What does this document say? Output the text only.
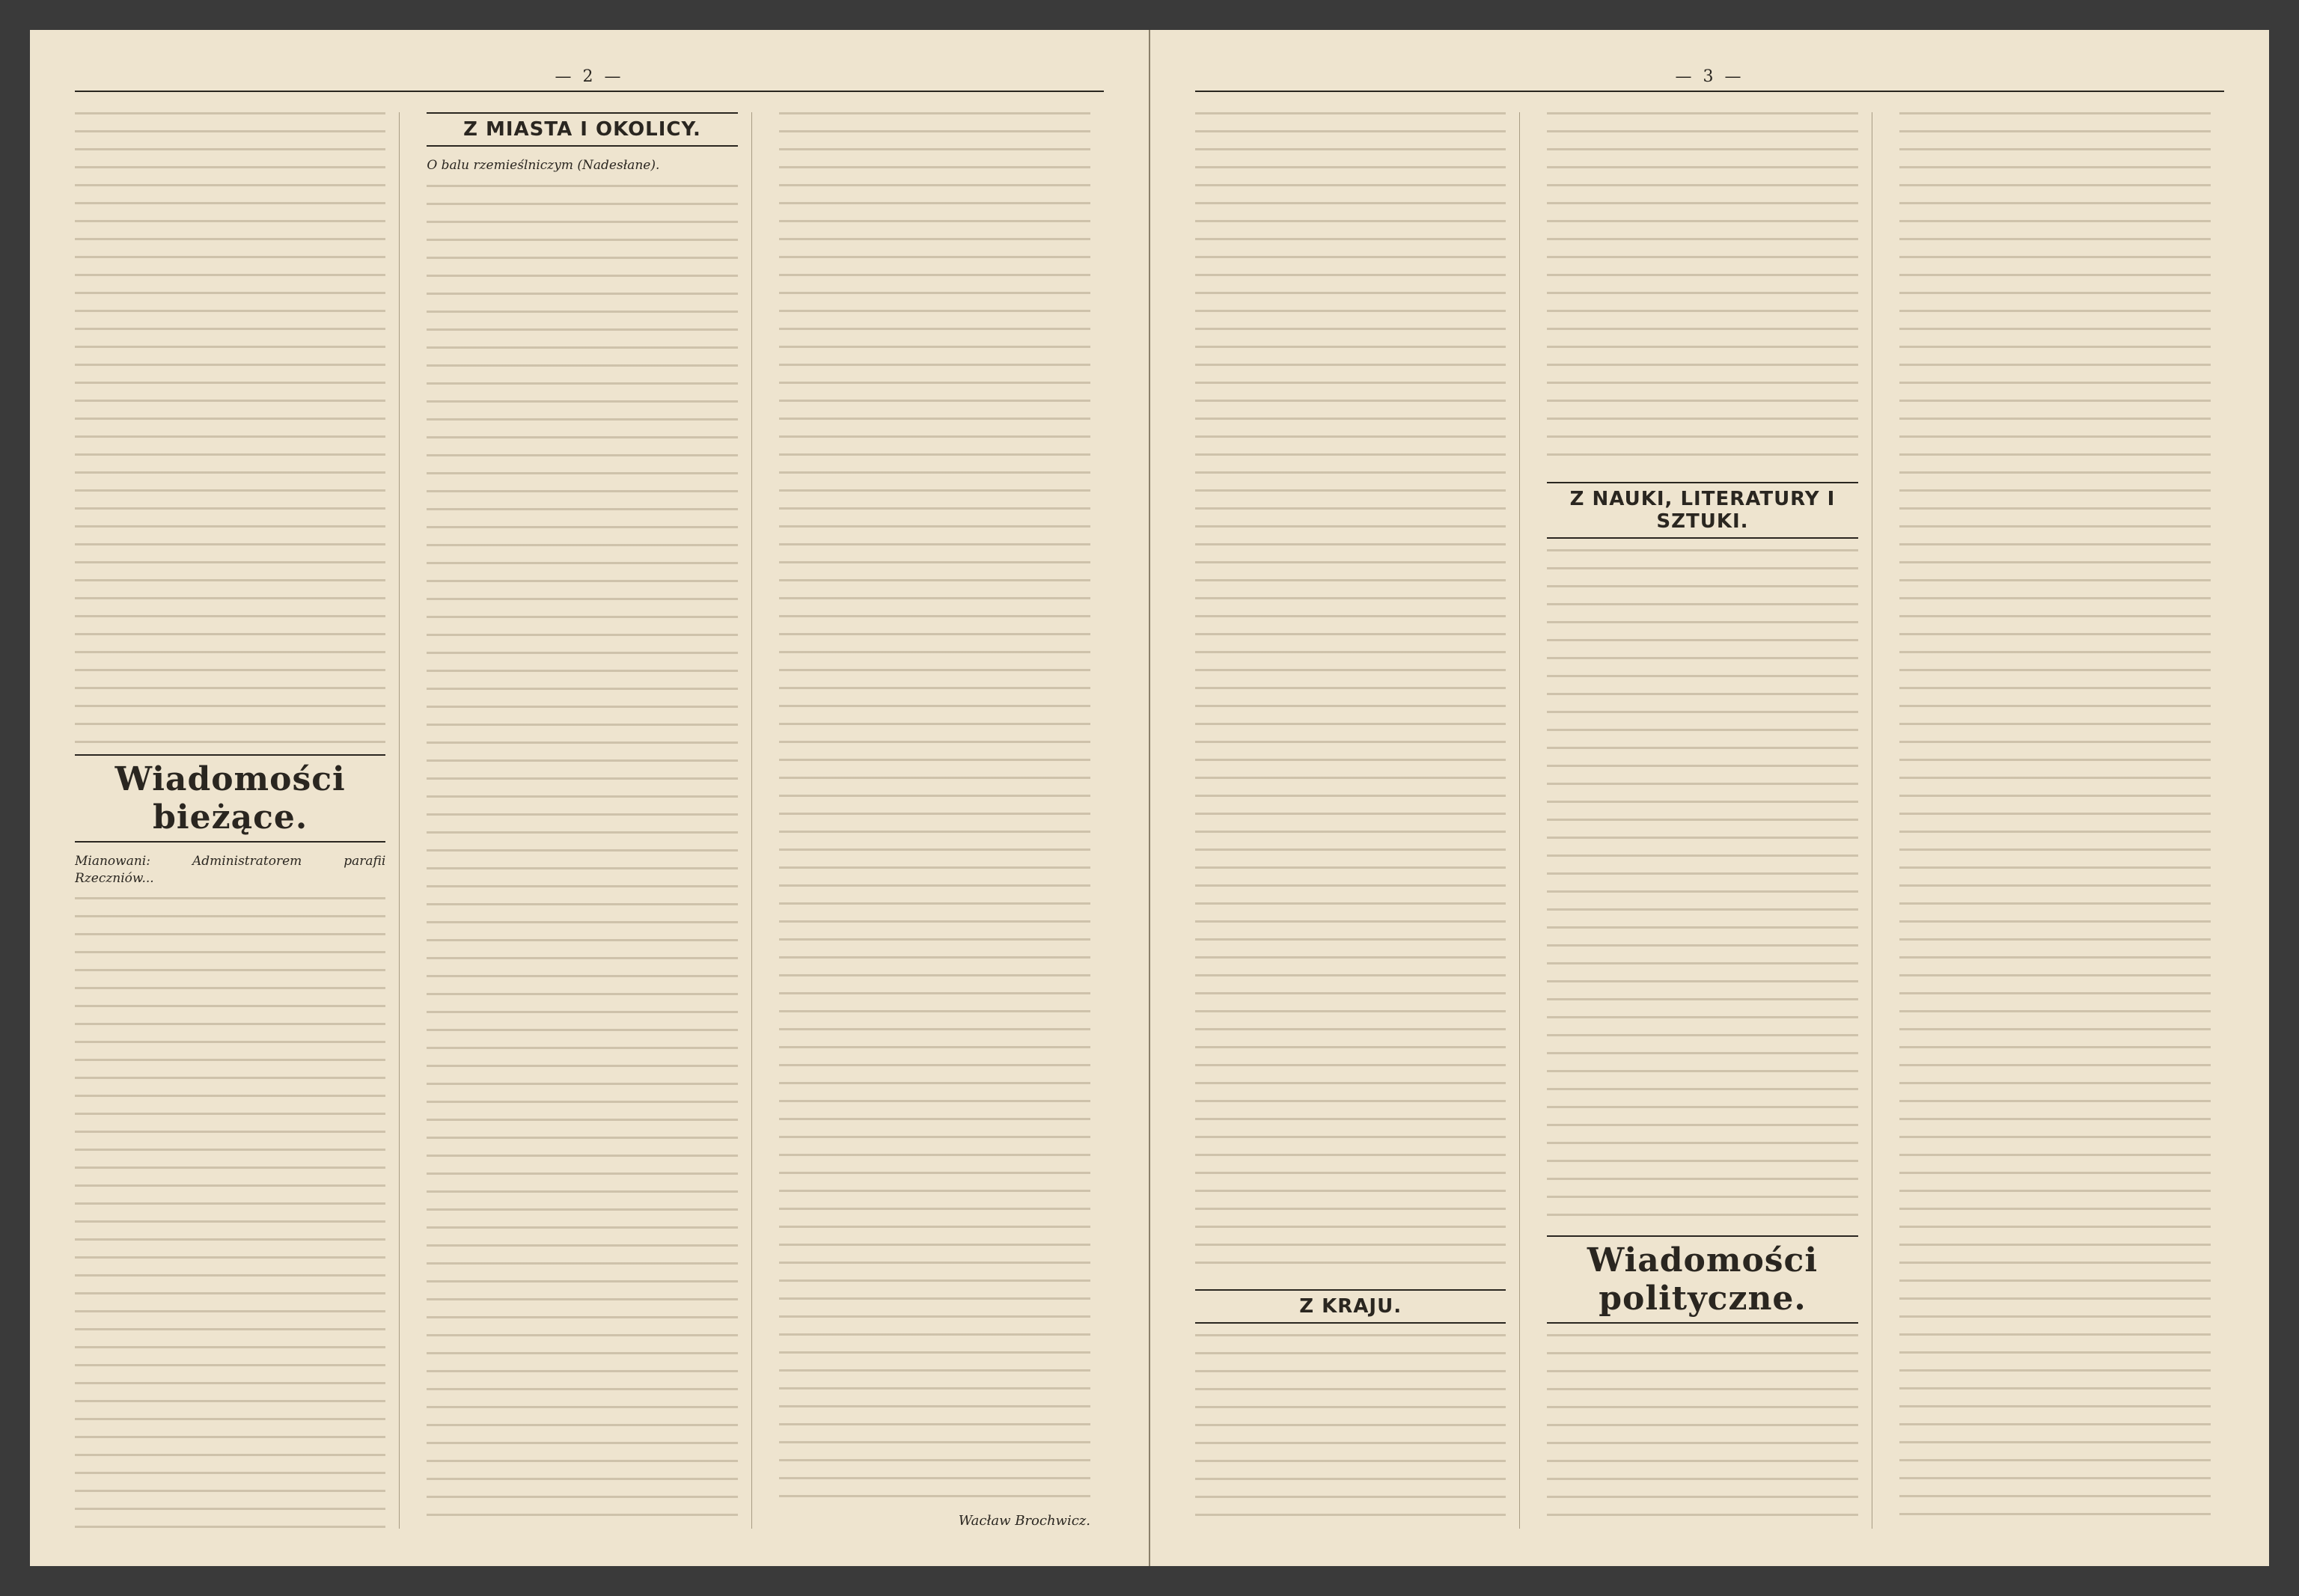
— 2 —
Wiadomości bieżące.
Mianowani: Administratorem parafii Rzeczniów...
Z MIASTA I OKOLICY.
O balu rzemieślniczym (Nadesłane).
Wacław Brochwicz.
— 3 —
Z KRAJU.
Z NAUKI, LITERATURY I SZTUKI.
Wiadomości polityczne.
